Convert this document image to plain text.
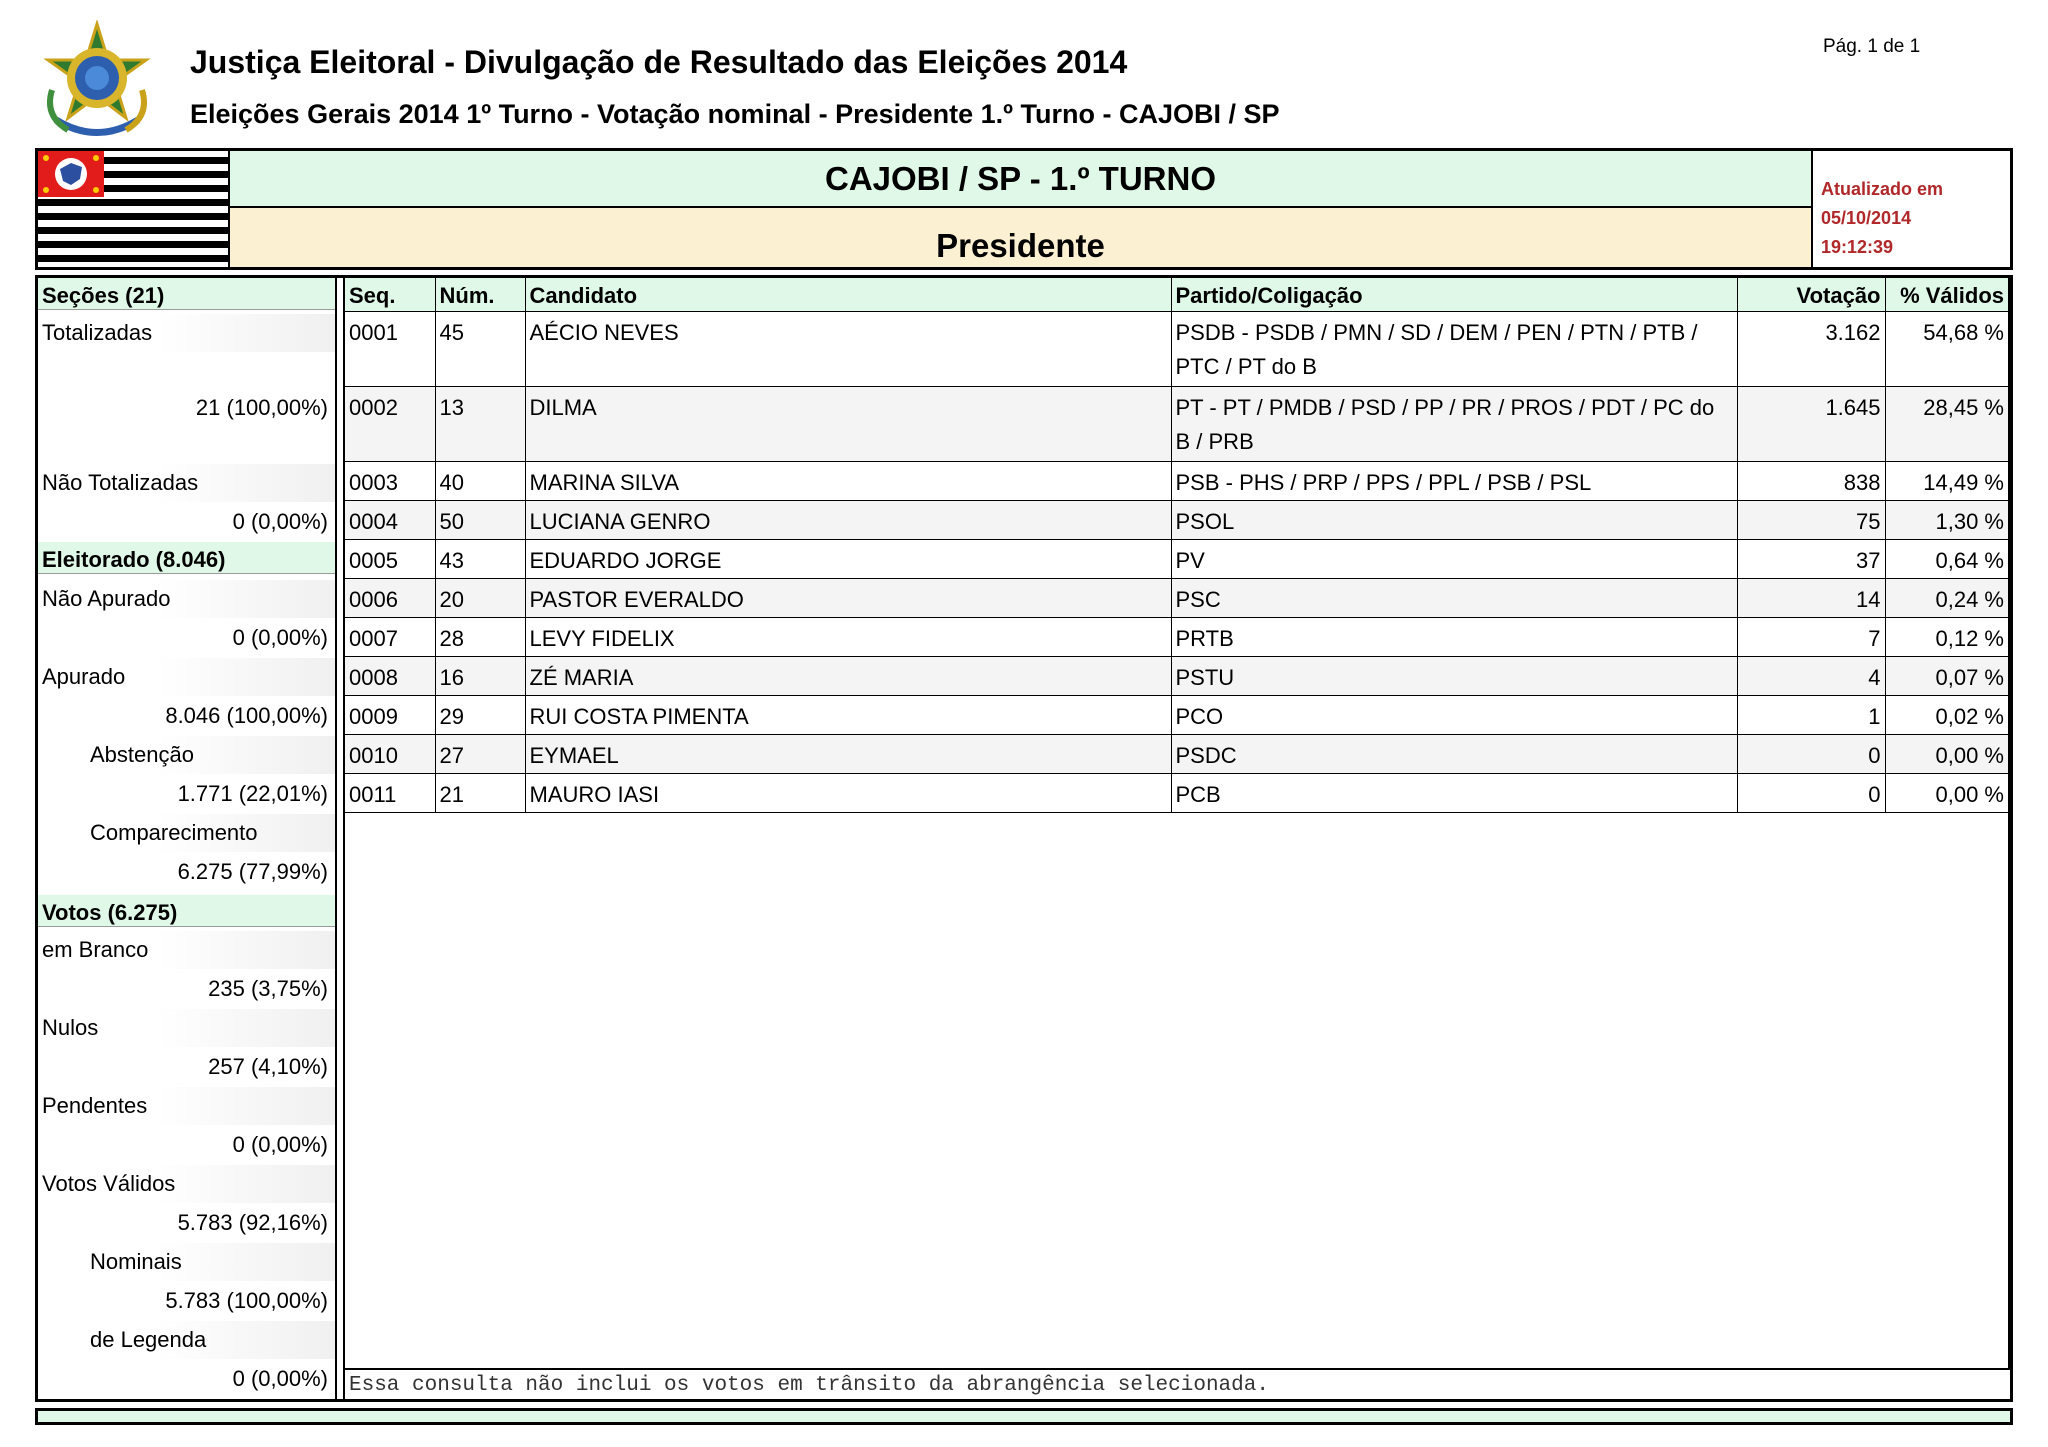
Justiça Eleitoral - Divulgação de Resultado das Eleições 2014
Eleições Gerais 2014 1º Turno - Votação nominal - Presidente 1.º Turno - CAJOBI / SP
Pág. 1 de 1
CAJOBI / SP - 1.º TURNO
Presidente
Atualizado em
05/10/2014
19:12:39
Seções (21)
Totalizadas
21 (100,00%)
Não Totalizadas
0 (0,00%)
Eleitorado (8.046)
Não Apurado
0 (0,00%)
Apurado
8.046 (100,00%)
Abstenção
1.771 (22,01%)
Comparecimento
6.275 (77,99%)
Votos (6.275)
em Branco
235 (3,75%)
Nulos
257 (4,10%)
Pendentes
0 (0,00%)
Votos Válidos
5.783 (92,16%)
Nominais
5.783 (100,00%)
de Legenda
0 (0,00%)
Seq.	Núm.	Candidato	Partido/Coligação	Votação	% Válidos
0001	45	AÉCIO NEVES	PSDB - PSDB / PMN / SD / DEM / PEN / PTN / PTB / PTC / PT do B	3.162	54,68 %
0002	13	DILMA	PT - PT / PMDB / PSD / PP / PR / PROS / PDT / PC do B / PRB	1.645	28,45 %
0003	40	MARINA SILVA	PSB - PHS / PRP / PPS / PPL / PSB / PSL	838	14,49 %
0004	50	LUCIANA GENRO	PSOL	75	1,30 %
0005	43	EDUARDO JORGE	PV	37	0,64 %
0006	20	PASTOR EVERALDO	PSC	14	0,24 %
0007	28	LEVY FIDELIX	PRTB	7	0,12 %
0008	16	ZÉ MARIA	PSTU	4	0,07 %
0009	29	RUI COSTA PIMENTA	PCO	1	0,02 %
0010	27	EYMAEL	PSDC	0	0,00 %
0011	21	MAURO IASI	PCB	0	0,00 %
Essa consulta não inclui os votos em trânsito da abrangência selecionada.
